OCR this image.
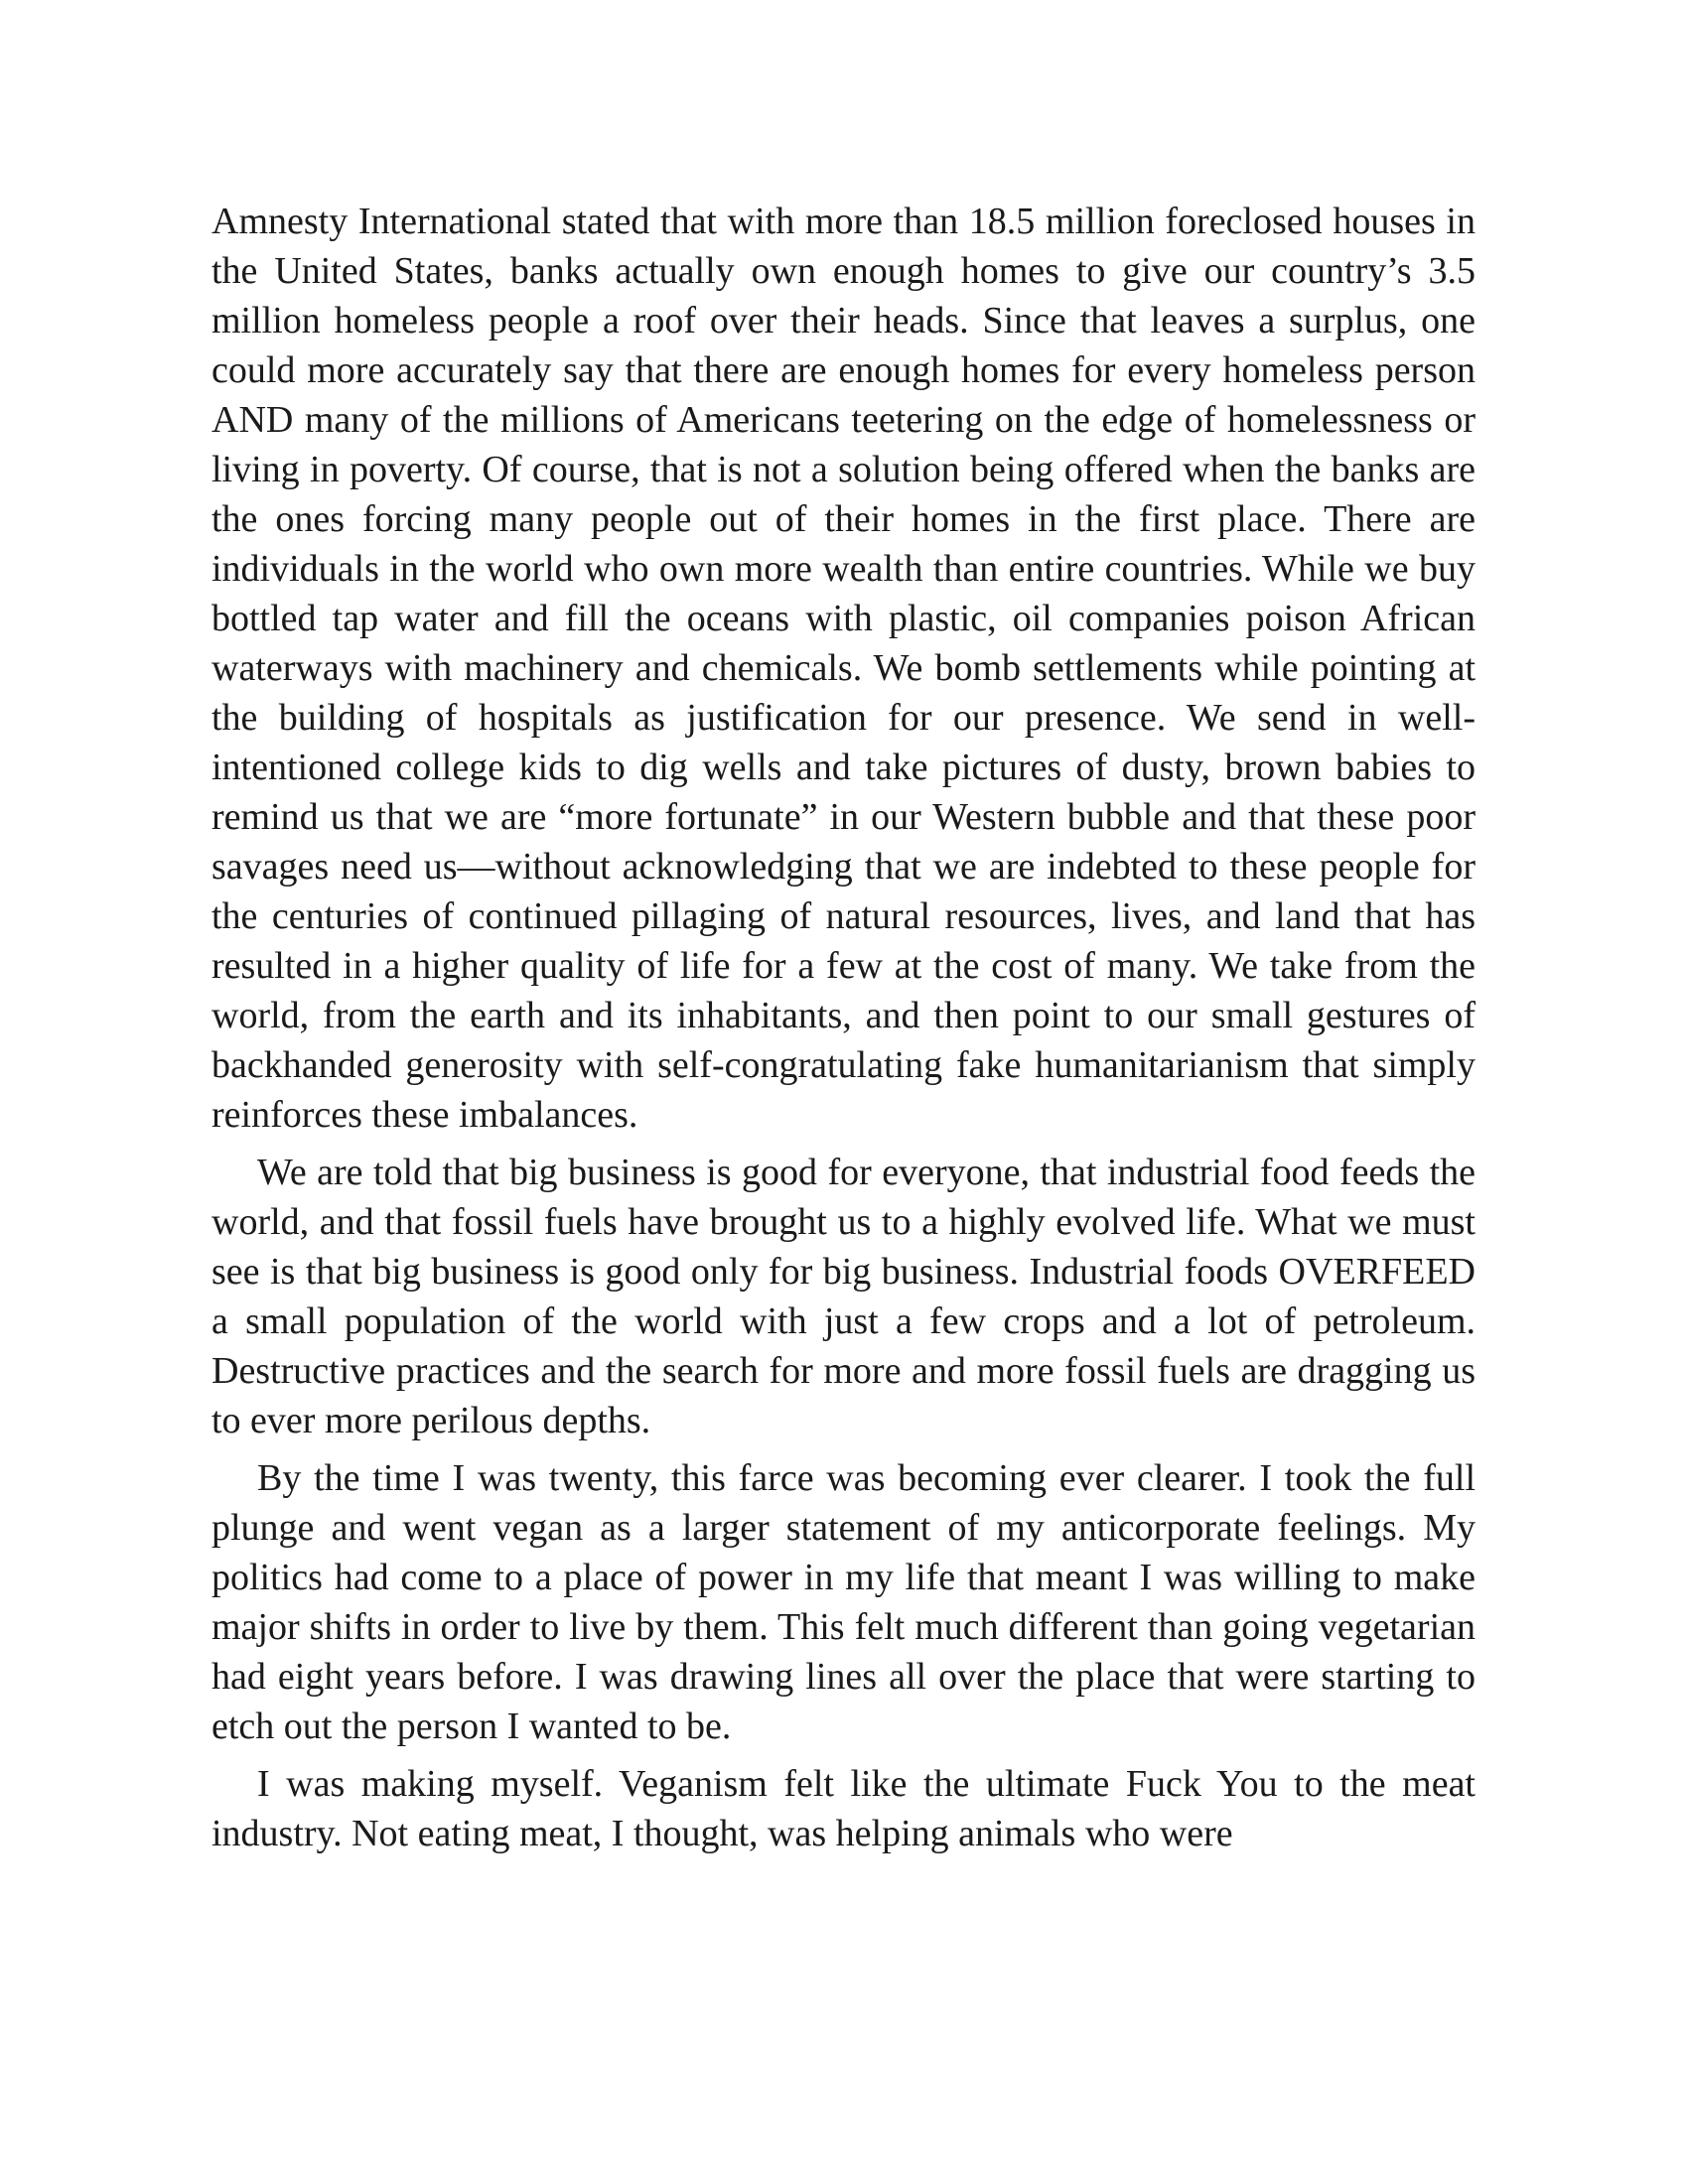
Amnesty International stated that with more than 18.5 million foreclosed houses in the United States, banks actually own enough homes to give our country’s 3.5 million homeless people a roof over their heads. Since that leaves a surplus, one could more accurately say that there are enough homes for every homeless person AND many of the millions of Americans teetering on the edge of homelessness or living in poverty. Of course, that is not a solution being offered when the banks are the ones forcing many people out of their homes in the first place. There are individuals in the world who own more wealth than entire countries. While we buy bottled tap water and fill the oceans with plastic, oil companies poison African waterways with machinery and chemicals. We bomb settlements while pointing at the building of hospitals as justification for our presence. We send in well-intentioned college kids to dig wells and take pictures of dusty, brown babies to remind us that we are “more fortunate” in our Western bubble and that these poor savages need us—without acknowledging that we are indebted to these people for the centuries of continued pillaging of natural resources, lives, and land that has resulted in a higher quality of life for a few at the cost of many. We take from the world, from the earth and its inhabitants, and then point to our small gestures of backhanded generosity with self-congratulating fake humanitarianism that simply reinforces these imbalances.

We are told that big business is good for everyone, that industrial food feeds the world, and that fossil fuels have brought us to a highly evolved life. What we must see is that big business is good only for big business. Industrial foods OVERFEED a small population of the world with just a few crops and a lot of petroleum. Destructive practices and the search for more and more fossil fuels are dragging us to ever more perilous depths.

By the time I was twenty, this farce was becoming ever clearer. I took the full plunge and went vegan as a larger statement of my anticorporate feelings. My politics had come to a place of power in my life that meant I was willing to make major shifts in order to live by them. This felt much different than going vegetarian had eight years before. I was drawing lines all over the place that were starting to etch out the person I wanted to be.

I was making myself. Veganism felt like the ultimate Fuck You to the meat industry. Not eating meat, I thought, was helping animals who were
